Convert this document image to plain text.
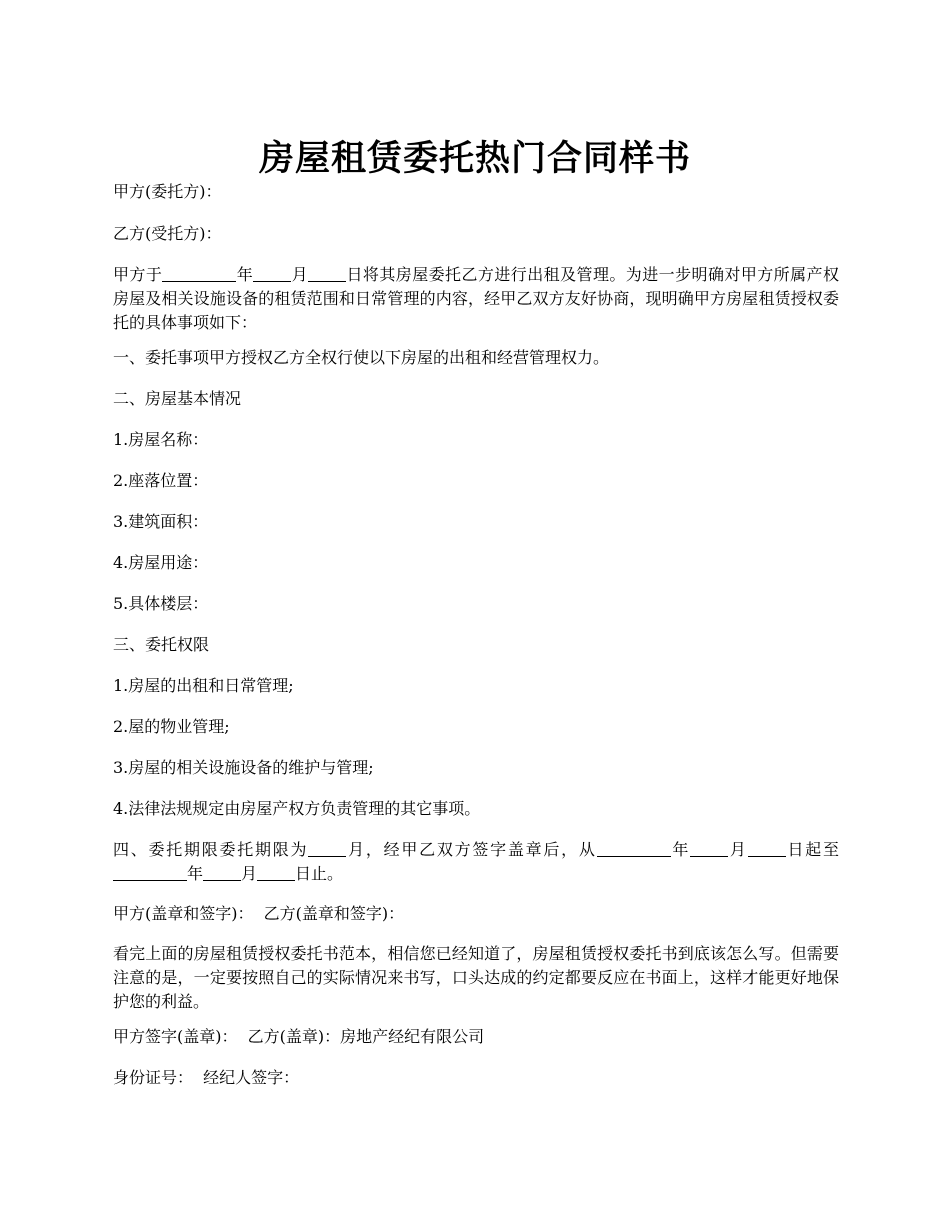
房屋租赁委托热门合同样书

甲方(委托方)：

乙方(受托方)：

甲方于	年 月 日将其房屋委托乙方进行出租及管理。为进一步明确对甲方所属产权房屋及相关设施设备的租赁范围和日常管理的内容，经甲乙双方友好协商，现明确甲方房屋租赁授权委托的具体事项如下：

一、委托事项甲方授权乙方全权行使以下房屋的出租和经营管理权力。

二、房屋基本情况

1.房屋名称：

2.座落位置：

3.建筑面积：

4.房屋用途：

5.具体楼层：

三、委托权限

1.房屋的出租和日常管理;

2.屋的物业管理;

3.房屋的相关设施设备的维护与管理;

4.法律法规规定由房屋产权方负责管理的其它事项。

四、委托期限委托期限为 月，经甲乙双方签字盖章后，从	年 月 日起至年 月 日止。

甲方(盖章和签字)：  乙方(盖章和签字)：

看完上面的房屋租赁授权委托书范本，相信您已经知道了，房屋租赁授权委托书到底该怎么写。但需要注意的是，一定要按照自己的实际情况来书写，口头达成的约定都要反应在书面上，这样才能更好地保护您的利益。

甲方签字(盖章)：  乙方(盖章)：房地产经纪有限公司

身份证号：  经纪人签字：
